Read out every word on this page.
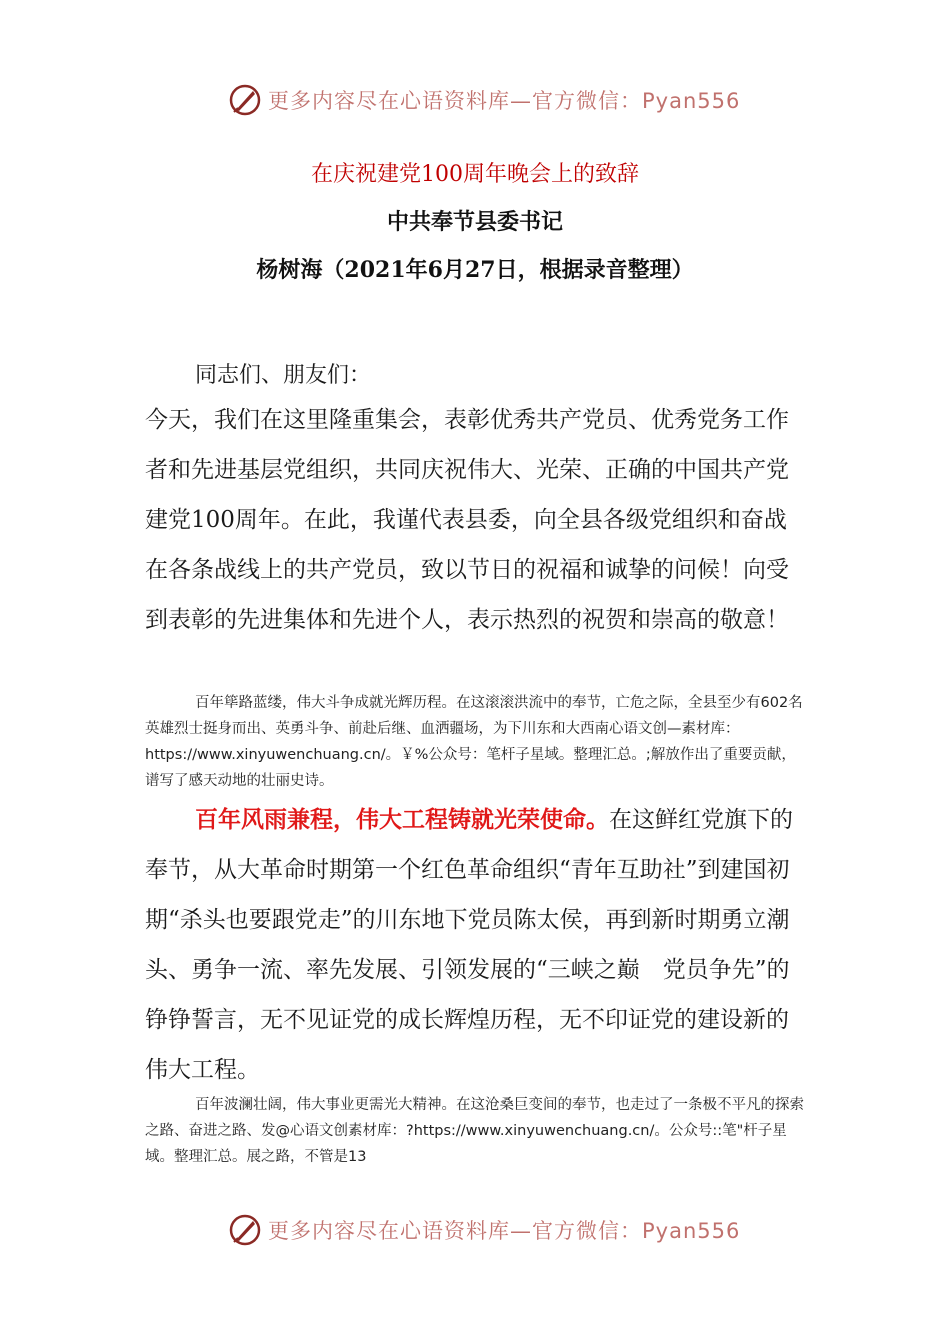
更多内容尽在心语资料库—官方微信：Pyan556
在庆祝建党100周年晚会上的致辞
中共奉节县委书记
杨树海（2021年6月27日，根据录音整理）
同志们、朋友们：

今天，我们在这里隆重集会，表彰优秀共产党员、优秀党务工作者和先进基层党组织，共同庆祝伟大、光荣、正确的中国共产党建党100周年。在此，我谨代表县委，向全县各级党组织和奋战在各条战线上的共产党员，致以节日的祝福和诚挚的问候！向受到表彰的先进集体和先进个人，表示热烈的祝贺和崇高的敬意！

百年筚路蓝缕，伟大斗争成就光辉历程。在这滚滚洪流中的奉节，亡危之际，全县至少有602名英雄烈士挺身而出、英勇斗争、前赴后继、血洒疆场，为下川东和大西南心语文创—素材库：https://www.xinyuwenchuang.cn/。￥%公众号：笔杆子星域。整理汇总。;解放作出了重要贡献，谱写了感天动地的壮丽史诗。

百年风雨兼程，伟大工程铸就光荣使命。在这鲜红党旗下的奉节，从大革命时期第一个红色革命组织“青年互助社”到建国初期“杀头也要跟党走”的川东地下党员陈太侯，再到新时期勇立潮头、勇争一流、率先发展、引领发展的“三峡之巅　党员争先”的铮铮誓言，无不见证党的成长辉煌历程，无不印证党的建设新的伟大工程。

百年波澜壮阔，伟大事业更需光大精神。在这沧桑巨变间的奉节，也走过了一条极不平凡的探索之路、奋进之路、发@心语文创素材库：?https://www.xinyuwenchuang.cn/。公众号::笔"杆子星域。整理汇总。展之路，不管是13

更多内容尽在心语资料库—官方微信：Pyan556
